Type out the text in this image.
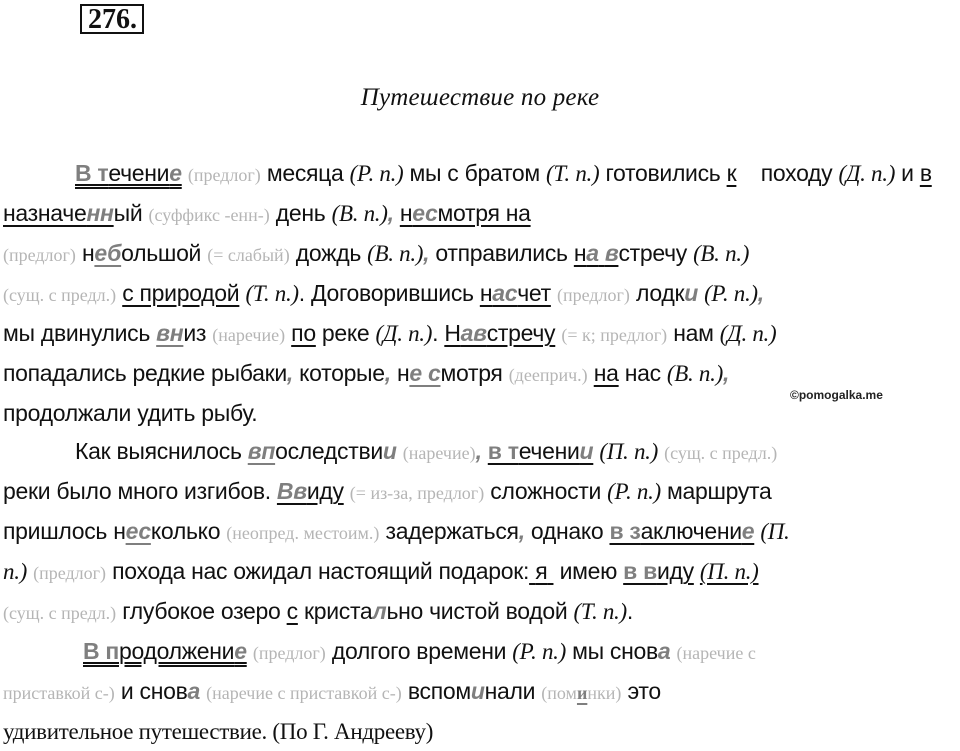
276.
Путешествие по реке
©pomogalka.me

В течение (предлог) месяца (Р. п.) мы с братом (Т. п.) готовились к походу (Д. п.) и в назначенный (суффикс -енн-) день (В. п.), несмотря на
(предлог) небольшой (= слабый) дождь (В. п.), отправились на встречу (В. п.)
(сущ. с предл.) с природой (Т. п.). Договорившись насчет (предлог) лодки (Р. п.),
мы двинулись вниз (наречие) по реке (Д. п.). Навстречу (= к; предлог) нам (Д. п.)
попадались редкие рыбаки, которые, не смотря (дееприч.) на нас (В. п.),
продолжали удить рыбу.

Как выяснилось впоследствии (наречие), в течении (П. п.) (сущ. с предл.)
реки было много изгибов. Ввиду (= из-за, предлог) сложности (Р. п.) маршрута
пришлось несколько (неопред. местоим.) задержаться, однако в заключение (П.
п.) (предлог) похода нас ожидал настоящий подарок: я имею в виду (П. п.)
(сущ. с предл.) глубокое озеро с кристально чистой водой (Т. п.).

В продолжение (предлог) долгого времени (Р. п.) мы снова (наречие с
приставкой с-) и снова (наречие с приставкой с-) вспоминали (поминки) это
удивительное путешествие. (По Г. Андрееву)
